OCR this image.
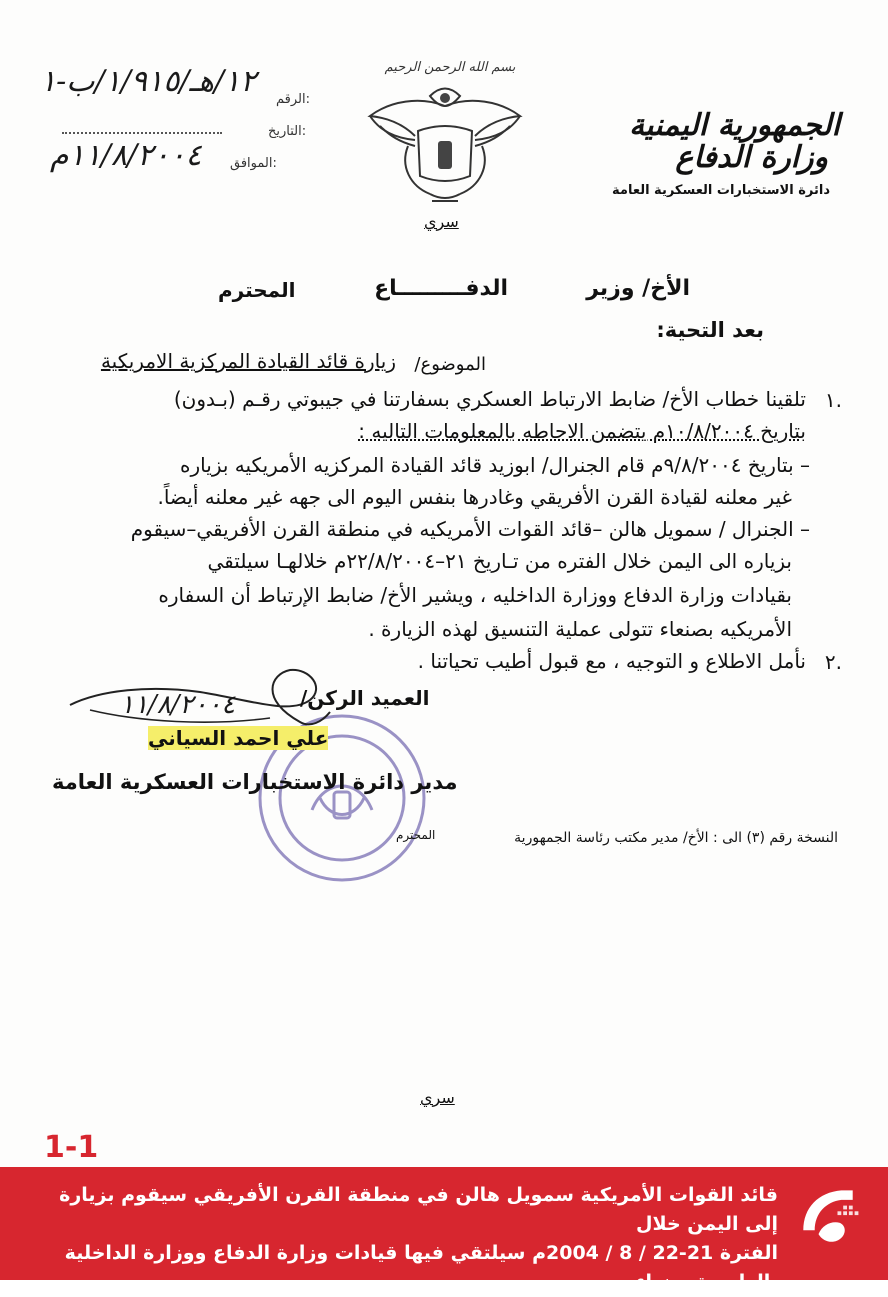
الجمهورية اليمنية
وزارة الدفاع
دائرة الاستخبارات العسكرية العامة
بسم الله الرحمن الرحيم
١٢/هـ/١/٩١٥/ب-١
الرقم:
التاريخ:
١١/٨/٢٠٠٤م الموافق:
سري
الأخ/ وزير
الدفـــــــــاع
المحترم
بعد التحية:
الموضوع/
زيارة قائد القيادة المركزية الامريكية
١.
تلقينا خطاب الأخ/ ضابط الارتباط العسكري بسفارتنا في جيبوتي رقـم (بـدون)
بتاريخ ١٠/٨/٢٠٠٤م يتضمن الاحاطه بالمعلومات التاليه :
– بتاريخ ٩/٨/٢٠٠٤م قام الجنرال/ ابوزيد قائد القيادة المركزيه الأمريكيه بزياره
غير معلنه لقيادة القرن الأفريقي وغادرها بنفس اليوم الى جهه غير معلنه أيضاً.
– الجنرال / سمويل هالن –قائد القوات الأمريكيه في منطقة القرن الأفريقي–سيقوم
بزياره الى اليمن خلال الفتره من تـاريخ ٢١–٢٢/٨/٢٠٠٤م خلالهـا سيلتقي
بقيادات وزارة الدفاع ووزارة الداخليه ، ويشير الأخ/ ضابط الإرتباط أن السفاره
الأمريكيه بصنعاء تتولى عملية التنسيق لهذه الزيارة .
٢.
نأمل الاطلاع و التوجيه ، مع قبول أطيب تحياتنا .
١١/٨/٢٠٠٤	العميد الركن/
علي احمد السياني
مدير دائرة الاستخبارات العسكرية العامة
النسخة رقم (٣) الى : الأخ/ مدير مكتب رئاسة الجمهورية
المحترم
سري
1-1
قائد القوات الأمريكية سمويل هالن في منطقة القرن الأفريقي سيقوم بزيارة إلى اليمن خلال
الفترة 21-22 / 8 / 2004م سيلتقي فيها قيادات وزارة الدفاع ووزارة الداخلية بالعاصمة صنعاء .
